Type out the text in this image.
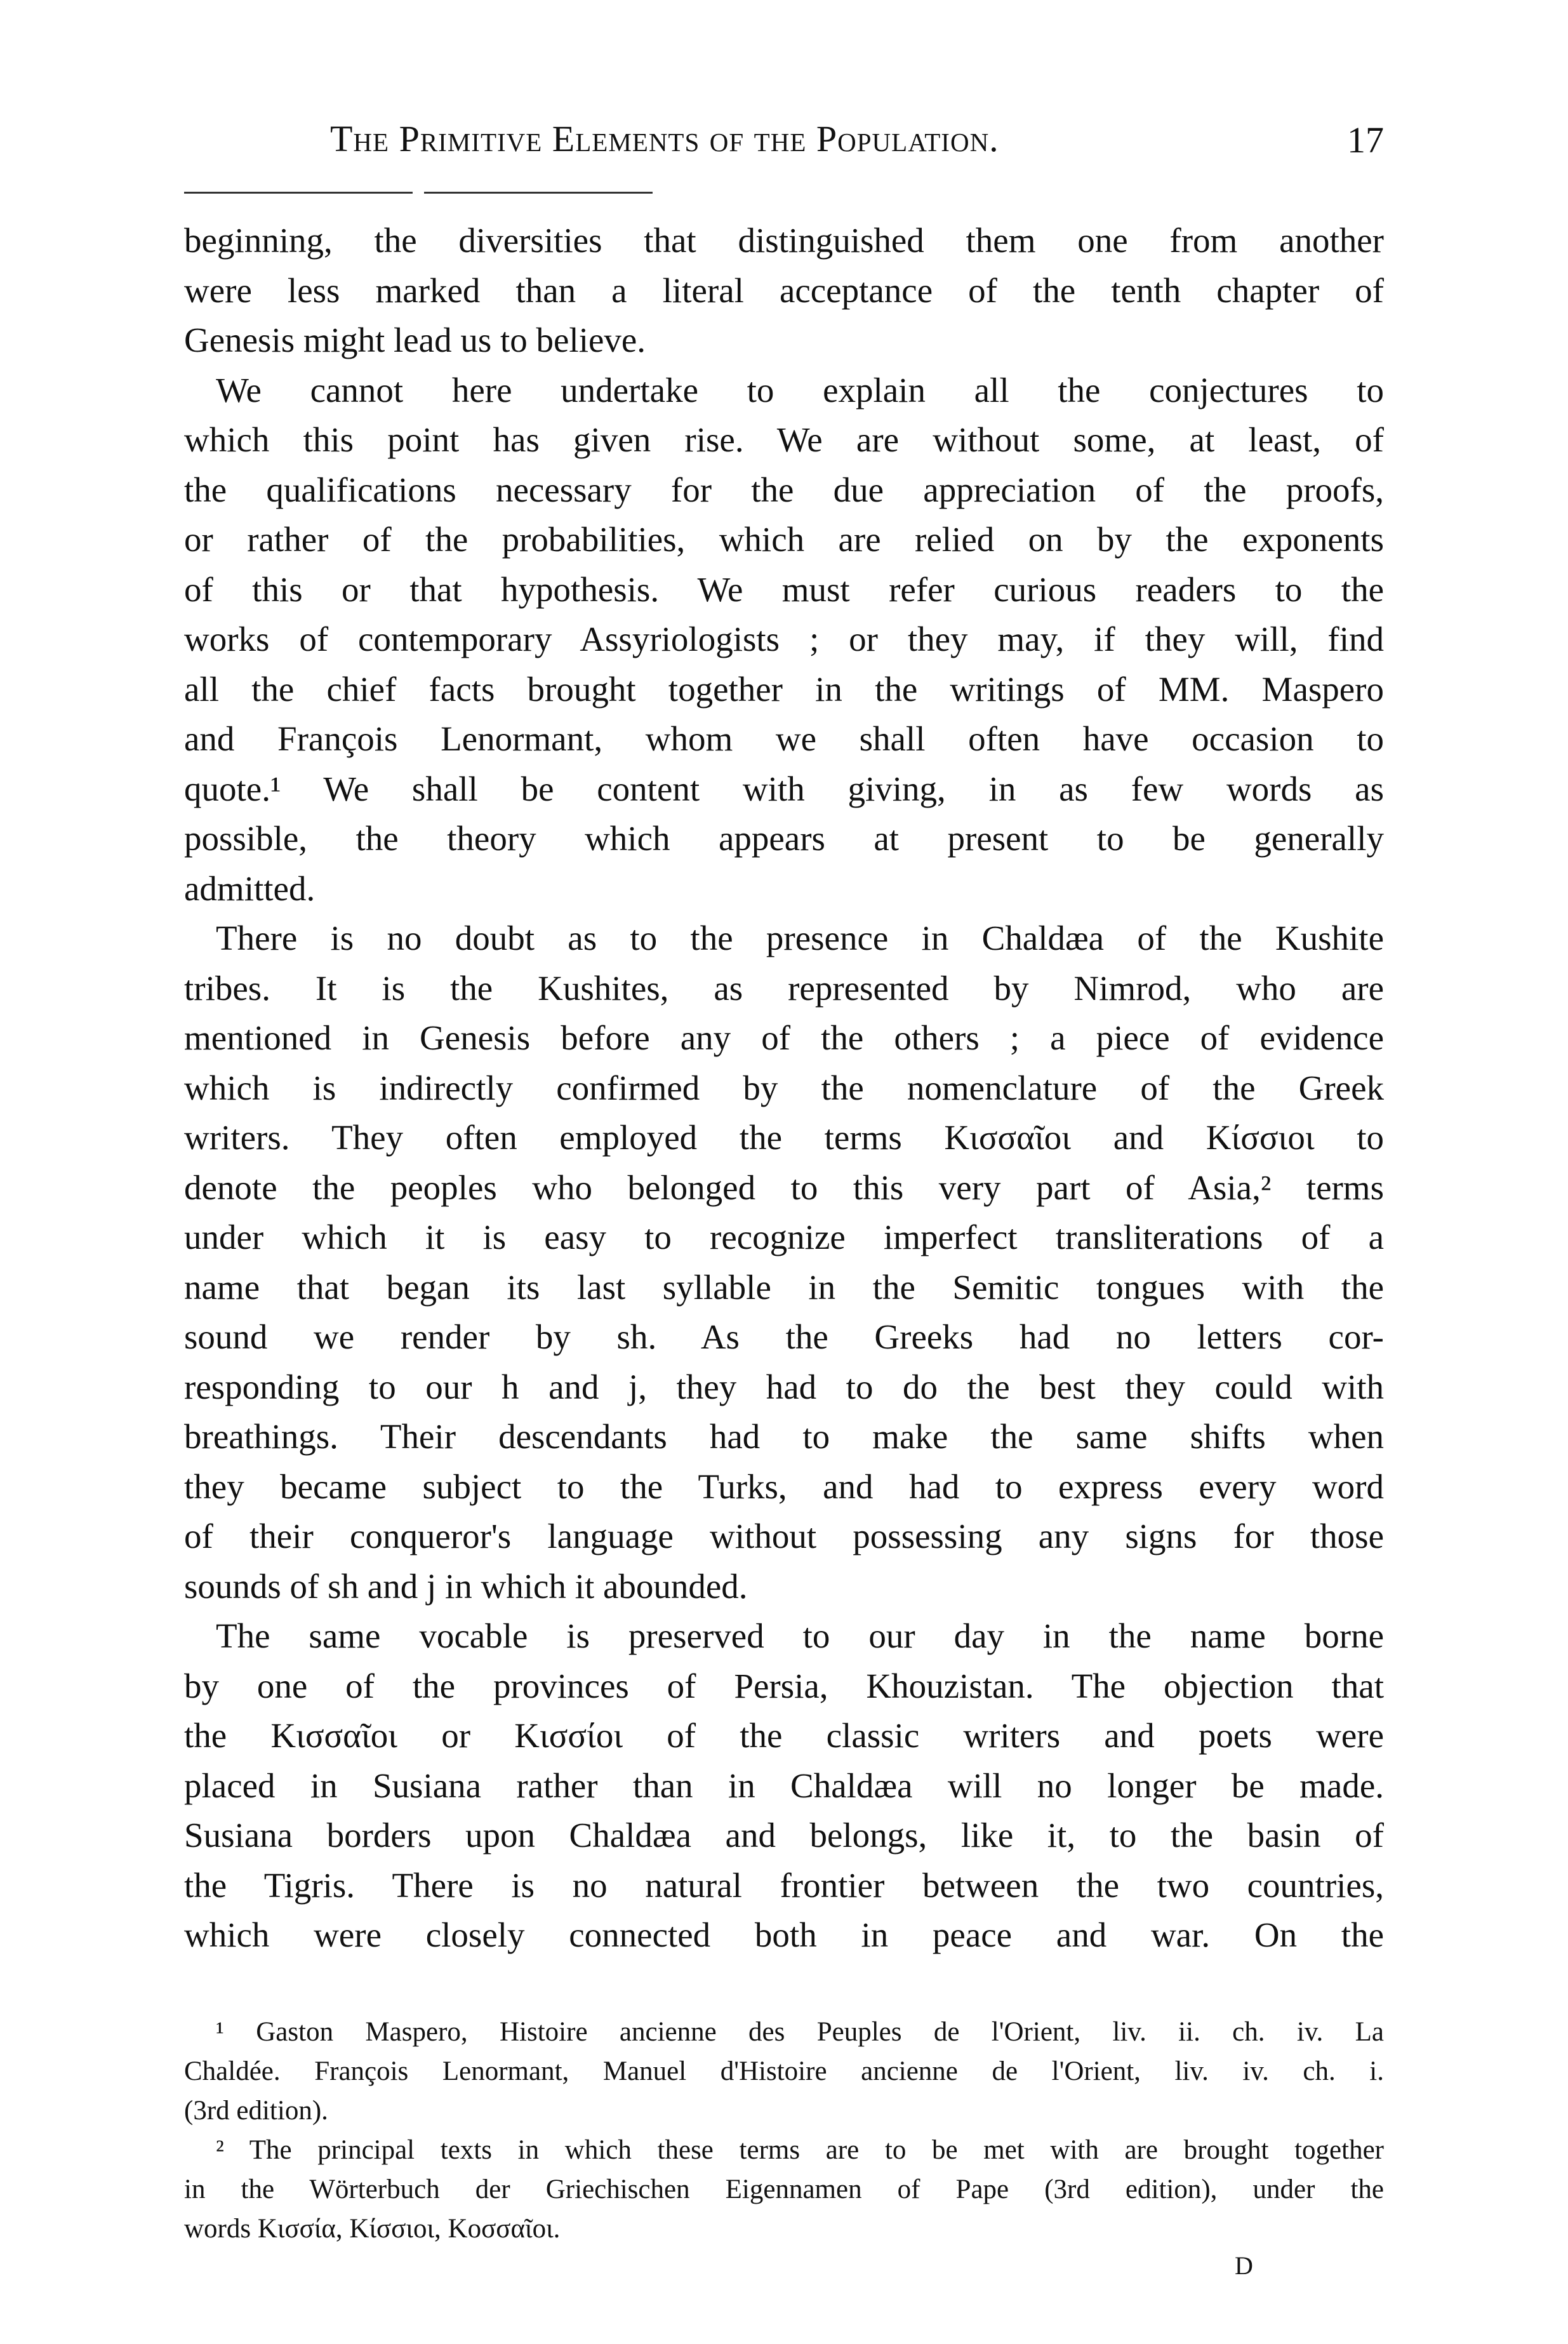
The Primitive Elements of the Population.	17
beginning, the diversities that distinguished them one from another
were less marked than a literal acceptance of the tenth chapter of
Genesis might lead us to believe.
We cannot here undertake to explain all the conjectures to
which this point has given rise. We are without some, at least, of
the qualifications necessary for the due appreciation of the proofs,
or rather of the probabilities, which are relied on by the exponents
of this or that hypothesis. We must refer curious readers to the
works of contemporary Assyriologists ; or they may, if they will, find
all the chief facts brought together in the writings of MM. Maspero
and François Lenormant, whom we shall often have occasion to
quote.¹ We shall be content with giving, in as few words as
possible, the theory which appears at present to be generally
admitted.
There is no doubt as to the presence in Chaldæa of the Kushite
tribes. It is the Kushites, as represented by Nimrod, who are
mentioned in Genesis before any of the others ; a piece of evidence
which is indirectly confirmed by the nomenclature of the Greek
writers. They often employed the terms Κισσαῖοι and Κίσσιοι to
denote the peoples who belonged to this very part of Asia,² terms
under which it is easy to recognize imperfect transliterations of a
name that began its last syllable in the Semitic tongues with the
sound we render by sh. As the Greeks had no letters cor-
responding to our h and j, they had to do the best they could with
breathings. Their descendants had to make the same shifts when
they became subject to the Turks, and had to express every word
of their conqueror's language without possessing any signs for those
sounds of sh and j in which it abounded.
The same vocable is preserved to our day in the name borne
by one of the provinces of Persia, Khouzistan. The objection that
the Κισσαῖοι or Κισσίοι of the classic writers and poets were
placed in Susiana rather than in Chaldæa will no longer be made.
Susiana borders upon Chaldæa and belongs, like it, to the basin of
the Tigris. There is no natural frontier between the two countries,
which were closely connected both in peace and war. On the
¹ Gaston Maspero, Histoire ancienne des Peuples de l'Orient, liv. ii. ch. iv. La
Chaldée. François Lenormant, Manuel d'Histoire ancienne de l'Orient, liv. iv. ch. i.
(3rd edition).
² The principal texts in which these terms are to be met with are brought together
in the Wörterbuch der Griechischen Eigennamen of Pape (3rd edition), under the
words Κισσία, Κίσσιοι, Κοσσαῖοι.
D
